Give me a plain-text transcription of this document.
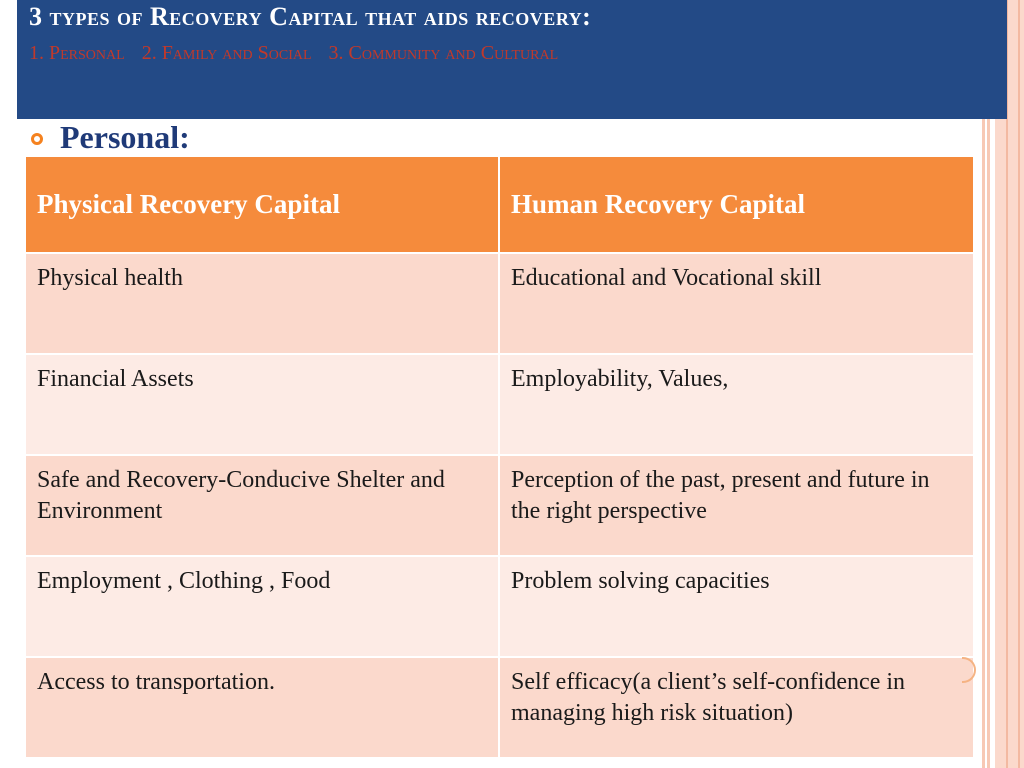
3 types of Recovery Capital that aids recovery:
1. Personal 2. Family and Social 3. Community and Cultural
Personal:
Physical Recovery Capital	Human Recovery Capital
Physical health	Educational and Vocational skill
Financial Assets	Employability, Values,
Safe and Recovery-Conducive Shelter and Environment	Perception of the past, present and future in the right perspective
Employment , Clothing , Food	Problem solving capacities
Access to transportation.	Self efficacy(a client’s self-confidence in managing high risk situation)
